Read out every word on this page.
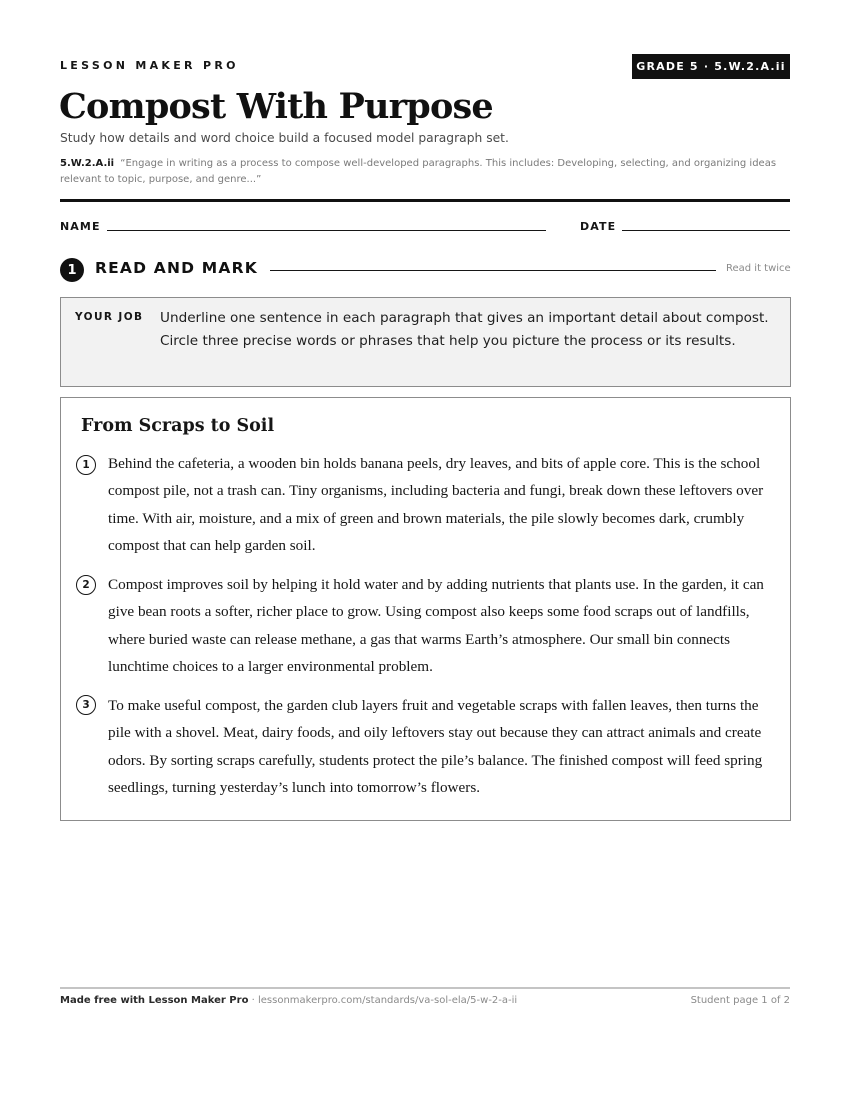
LESSON MAKER PRO	GRADE 5 · 5.W.2.A.ii
Compost With Purpose
Study how details and word choice build a focused model paragraph set.
5.W.2.A.ii “Engage in writing as a process to compose well-developed paragraphs. This includes: Developing, selecting, and organizing ideas relevant to topic, purpose, and genre...”
NAME	DATE
1	READ AND MARK	Read it twice
YOUR JOB Underline one sentence in each paragraph that gives an important detail about compost. Circle three precise words or phrases that help you picture the process or its results.
From Scraps to Soil
1	Behind the cafeteria, a wooden bin holds banana peels, dry leaves, and bits of apple core. This is the school compost pile, not a trash can. Tiny organisms, including bacteria and fungi, break down these leftovers over time. With air, moisture, and a mix of green and brown materials, the pile slowly becomes dark, crumbly compost that can help garden soil.

2	Compost improves soil by helping it hold water and by adding nutrients that plants use. In the garden, it can give bean roots a softer, richer place to grow. Using compost also keeps some food scraps out of landfills, where buried waste can release methane, a gas that warms Earth’s atmosphere. Our small bin connects lunchtime choices to a larger environmental problem.

3	To make useful compost, the garden club layers fruit and vegetable scraps with fallen leaves, then turns the pile with a shovel. Meat, dairy foods, and oily leftovers stay out because they can attract animals and create odors. By sorting scraps carefully, students protect the pile’s balance. The finished compost will feed spring seedlings, turning yesterday’s lunch into tomorrow’s flowers.

Made free with Lesson Maker Pro · lessonmakerpro.com/standards/va-sol-ela/5-w-2-a-ii	Student page 1 of 2
